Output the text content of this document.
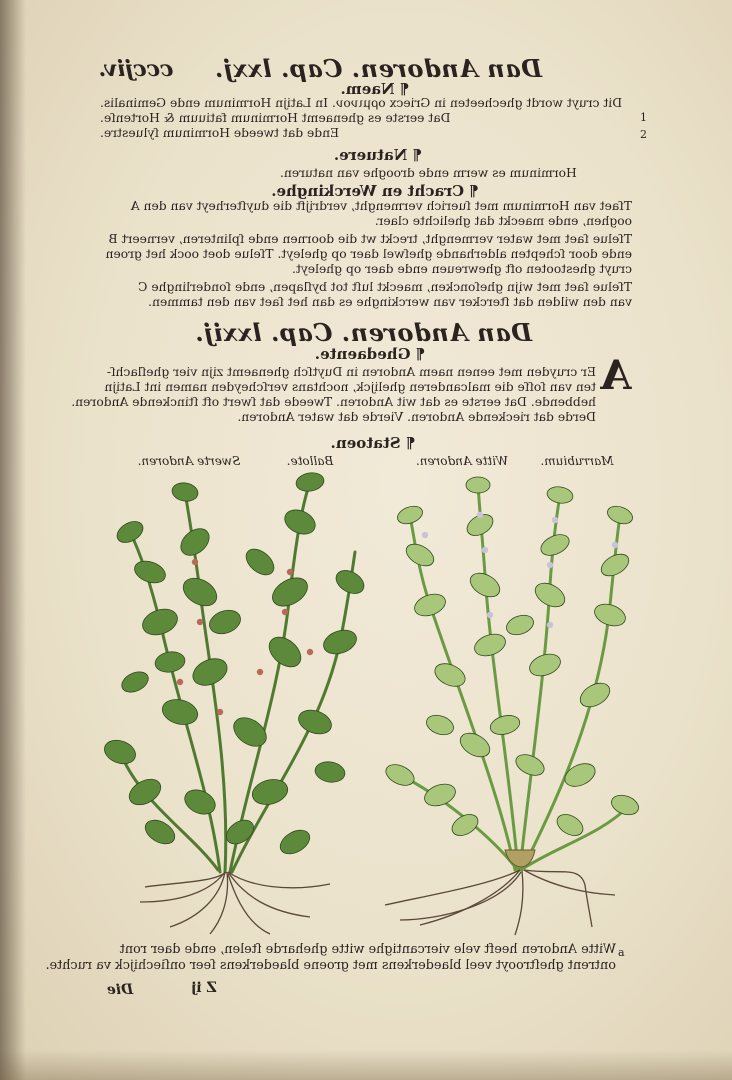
Dan Andoren. Cap. lxxj.
cccjiv.
¶ Naem.
Dit cruyt wordt ghecheeten in Griecx ορμινον. In Latijn Horminum ende Geminalis.
Dat eerste es ghenaemt Horminum fatiuum & Hortenſe.
Ende dat tweede Horminum ſyluestre.
1
2
¶ Natuere.
Horminum es werm ende drooghe van naturen.
¶ Cracht en Werckinghe.
Tſaet van Horminum met ſuerich vermenght, verdrijft die duyſterheyt van den A
ooghen, ende maeckt dat ghelichte claer.
Tſelue ſaet met water vermenght, treckt wt die doornen ende ſplinteren, verneert B
ende door ſchepten alderhande gheſwel daer op gheleyt. Tſelue doet oock het groen
cruyt ghestooten oft ghewreuen ende daer op gheleyt.
Tſelue ſaet met wijn gheſoncken, maeckt luſt tot byſlapen, ende ſonderlinghe C
van den wilden dat ſtercker van werckinghe es dan het ſaet van den tammen.
Dan Andoren. Cap. lxxij.
¶ Ghedaente.	A
Er cruyden met eenen naem Andoren in Duytſch ghenaemt zijn vier gheſlachſ-
ten van ſoſſe die malcanderen ghelijck, nochtans verſcheyden namen int Latijn
hebbende. Dat eerste es dat wit Andoren. Tweede dat ſwert oft ſtinckende Andoren.
Derde dat rieckende Andoren. Vierde dat water Andoren.
¶ Statoen.
Marrubium.
Witte Andoren.
Ballote.
Swerte Andoren.
a
Witte Andoren heeft vele viercantighe witte gheharde ſtelen, ende daer ront
ontrent gheſtrooyt veel blaederkens met groene blaederkens ſeer onſiechijck va ruchte.
Z ij
Die
